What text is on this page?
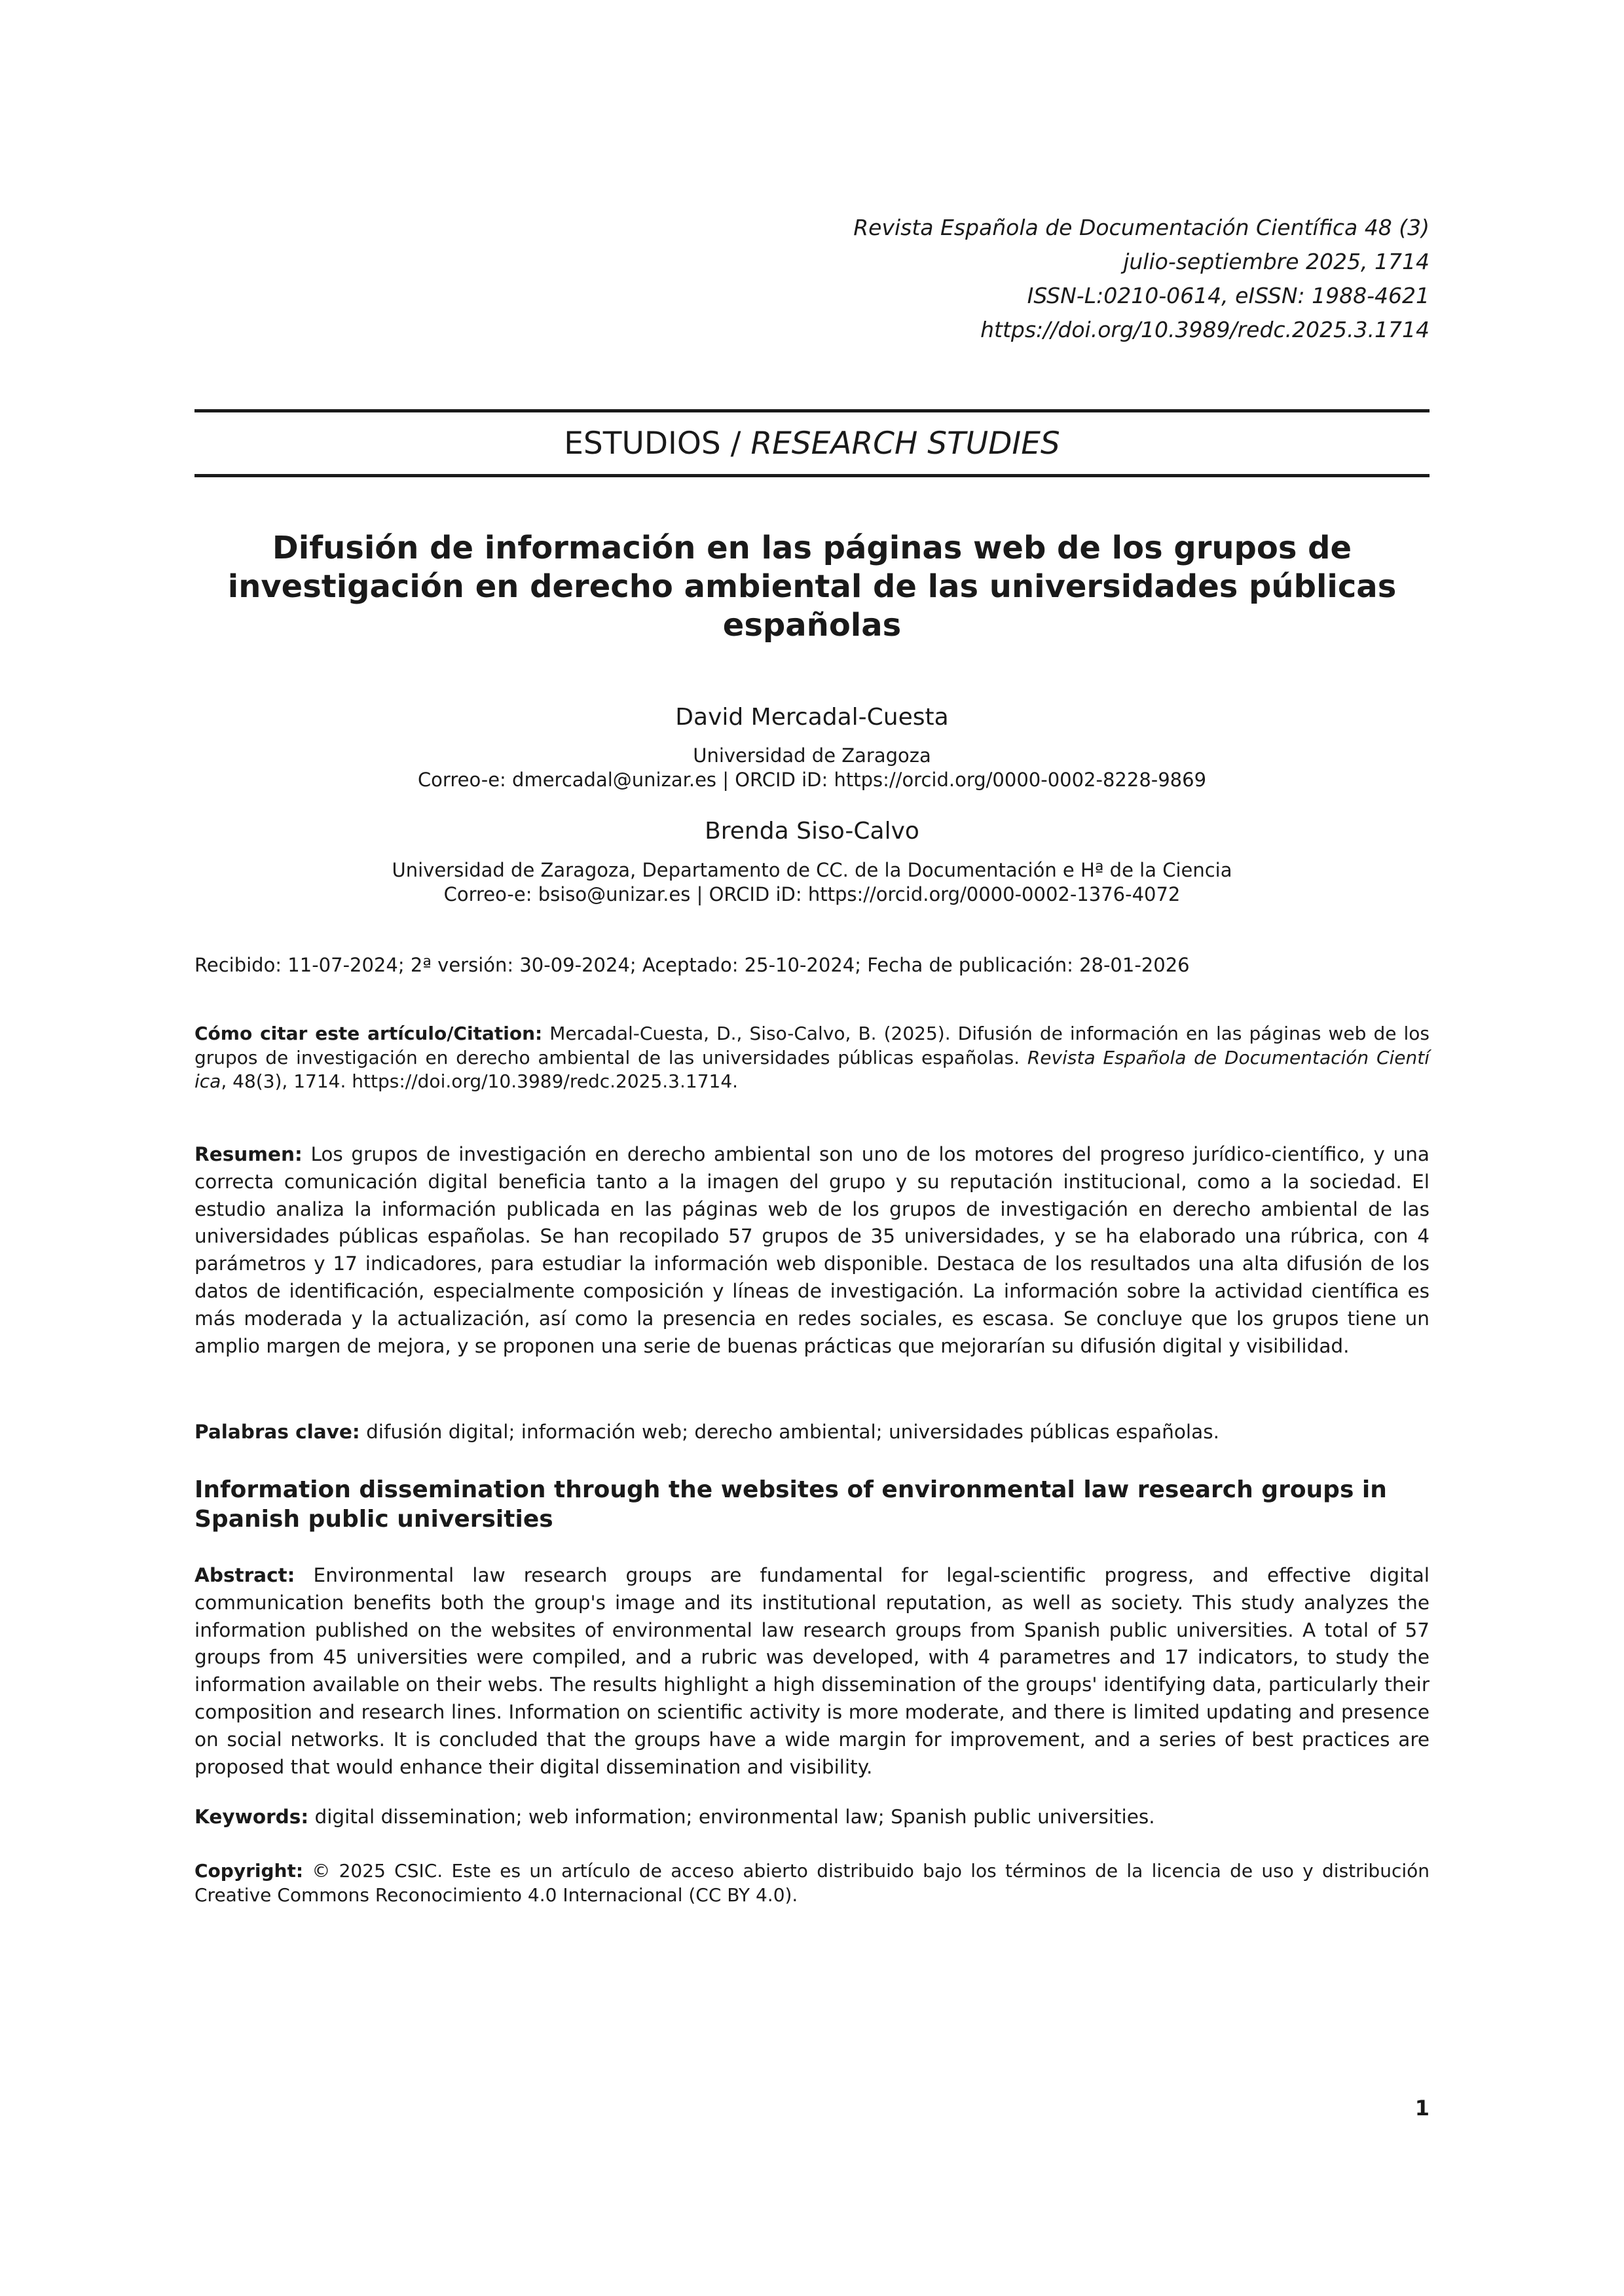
Revista Española de Documentación Científica 48 (3)
julio-septiembre 2025, 1714
ISSN-L:0210-0614, eISSN: 1988-4621
https://doi.org/10.3989/redc.2025.3.1714
ESTUDIOS / RESEARCH STUDIES
Difusión de información en las páginas web de los grupos de investigación en derecho ambiental de las universidades públicas españolas
David Mercadal-Cuesta
Universidad de Zaragoza
Correo-e: dmercadal@unizar.es | ORCID iD: https://orcid.org/0000-0002-8228-9869
Brenda Siso-Calvo
Universidad de Zaragoza, Departamento de CC. de la Documentación e Hª de la Ciencia
Correo-e: bsiso@unizar.es | ORCID iD: https://orcid.org/0000-0002-1376-4072
Recibido: 11-07-2024; 2ª versión: 30-09-2024; Aceptado: 25-10-2024; Fecha de publicación: 28-01-2026
Cómo citar este artículo/Citation: Mercadal-Cuesta, D., Siso-Calvo, B. (2025). Difusión de información en las páginas web de los grupos de investigación en derecho ambiental de las universidades públicas españolas. Revista Española de Documentación Cientí ica, 48(3), 1714. https://doi.org/10.3989/redc.2025.3.1714.
Resumen: Los grupos de investigación en derecho ambiental son uno de los motores del progreso jurídico-científico, y una correcta comunicación digital beneficia tanto a la imagen del grupo y su reputación institucional, como a la sociedad. El estudio analiza la información publicada en las páginas web de los grupos de investigación en derecho ambiental de las universidades públicas españolas. Se han recopilado 57 grupos de 35 universidades, y se ha elaborado una rúbrica, con 4 parámetros y 17 indicadores, para estudiar la información web disponible. Destaca de los resultados una alta difusión de los datos de identificación, especialmente composición y líneas de investigación. La información sobre la actividad científica es más moderada y la actualización, así como la presencia en redes sociales, es escasa. Se concluye que los grupos tiene un amplio margen de mejora, y se proponen una serie de buenas prácticas que mejorarían su difusión digital y visibilidad.
Palabras clave: difusión digital; información web; derecho ambiental; universidades públicas españolas.
Information dissemination through the websites of environmental law research groups in Spanish public universities
Abstract: Environmental law research groups are fundamental for legal-scientific progress, and effective digital communication benefits both the group's image and its institutional reputation, as well as society. This study analyzes the information published on the websites of environmental law research groups from Spanish public universities. A total of 57 groups from 45 universities were compiled, and a rubric was developed, with 4 parametres and 17 indicators, to study the information available on their webs. The results highlight a high dissemination of the groups' identifying data, particularly their composition and research lines. Information on scientific activity is more moderate, and there is limited updating and presence on social networks. It is concluded that the groups have a wide margin for improvement, and a series of best practices are proposed that would enhance their digital dissemination and visibility.
Keywords: digital dissemination; web information; environmental law; Spanish public universities.
Copyright: © 2025 CSIC. Este es un artículo de acceso abierto distribuido bajo los términos de la licencia de uso y distribución Creative Commons Reconocimiento 4.0 Internacional (CC BY 4.0).
1
